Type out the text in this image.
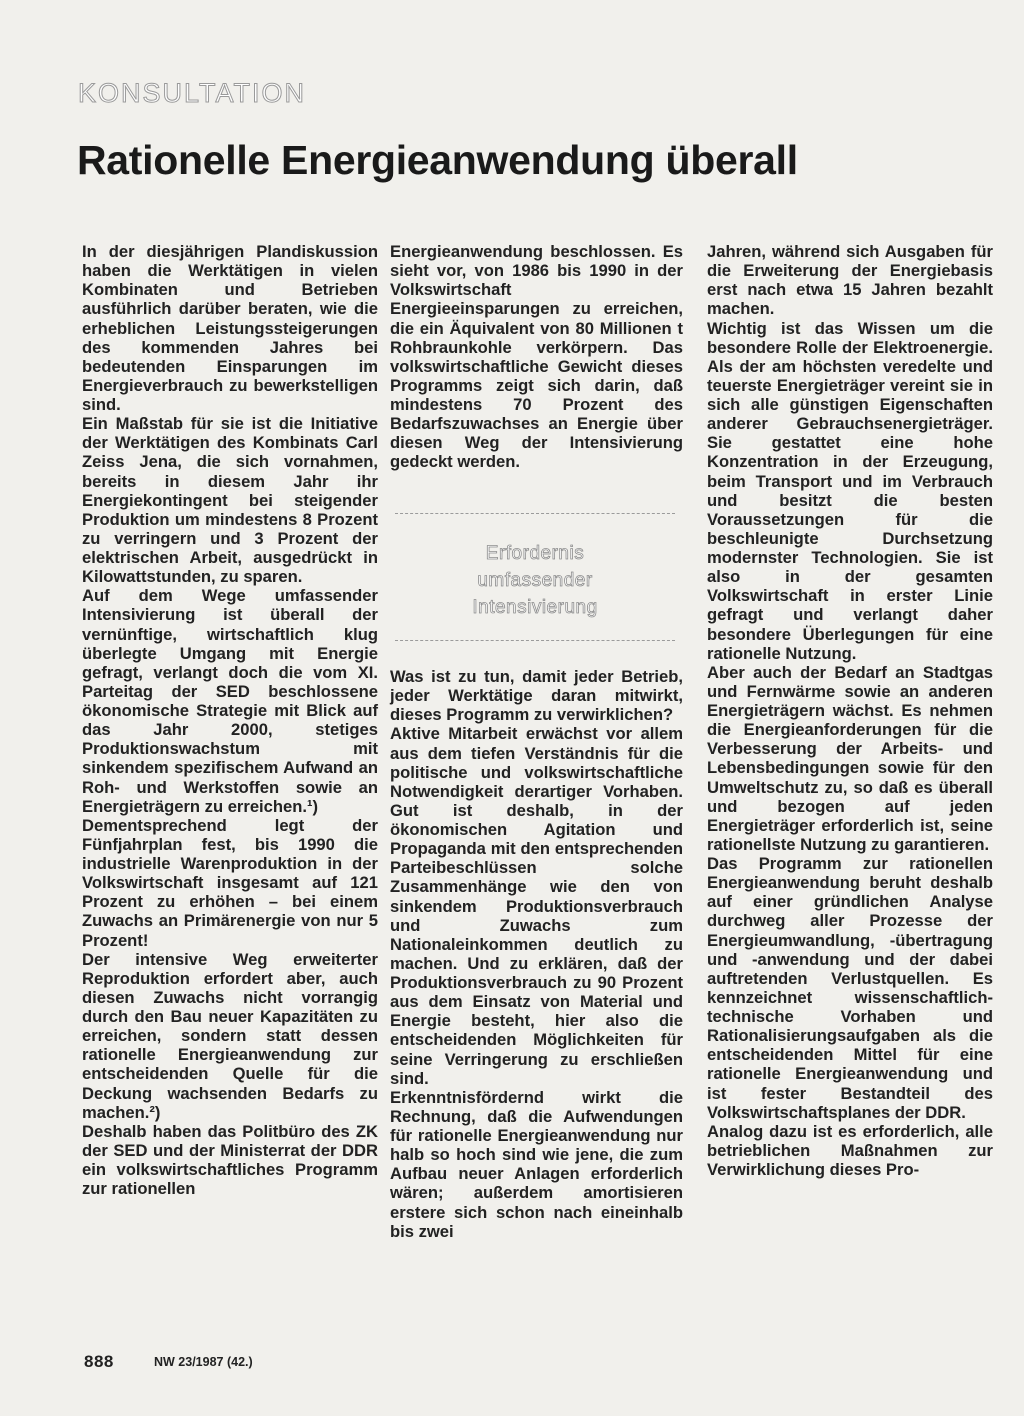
KONSULTATION
Rationelle Energieanwendung überall

In der diesjährigen Plandiskussion haben die Werktätigen in vielen Kombinaten und Betrieben ausführlich darüber beraten, wie die erheblichen Leistungssteigerungen des kommenden Jahres bei bedeutenden Einsparungen im Energieverbrauch zu bewerkstelligen sind.

Ein Maßstab für sie ist die Initiative der Werktätigen des Kombinats Carl Zeiss Jena, die sich vornahmen, bereits in diesem Jahr ihr Energiekontingent bei steigender Produktion um mindestens 8 Prozent zu verringern und 3 Prozent der elektrischen Arbeit, ausgedrückt in Kilowattstunden, zu sparen.

Auf dem Wege umfassender Intensivierung ist überall der vernünftige, wirtschaftlich klug überlegte Umgang mit Energie gefragt, verlangt doch die vom XI. Parteitag der SED beschlossene ökonomische Strategie mit Blick auf das Jahr 2000, stetiges Produktionswachstum mit sinkendem spezifischem Aufwand an Roh- und Werkstoffen sowie an Energieträgern zu erreichen.¹)

Dementsprechend legt der Fünfjahrplan fest, bis 1990 die industrielle Warenproduktion in der Volkswirtschaft insgesamt auf 121 Prozent zu erhöhen – bei einem Zuwachs an Primärenergie von nur 5 Prozent!

Der intensive Weg erweiterter Reproduktion erfordert aber, auch diesen Zuwachs nicht vorrangig durch den Bau neuer Kapazitäten zu erreichen, sondern statt dessen rationelle Energieanwendung zur entscheidenden Quelle für die Deckung wachsenden Bedarfs zu machen.²)

Deshalb haben das Politbüro des ZK der SED und der Ministerrat der DDR ein volkswirtschaftliches Programm zur rationellen

Energieanwendung beschlossen. Es sieht vor, von 1986 bis 1990 in der Volkswirtschaft Energieeinsparungen zu erreichen, die ein Äquivalent von 80 Millionen t Rohbraunkohle verkörpern. Das volkswirtschaftliche Gewicht dieses Programms zeigt sich darin, daß mindestens 70 Prozent des Bedarfszuwachses an Energie über diesen Weg der Intensivierung gedeckt werden.

Was ist zu tun, damit jeder Betrieb, jeder Werktätige daran mitwirkt, dieses Programm zu verwirklichen?

Aktive Mitarbeit erwächst vor allem aus dem tiefen Verständnis für die politische und volkswirtschaftliche Notwendigkeit derartiger Vorhaben. Gut ist deshalb, in der ökonomischen Agitation und Propaganda mit den entsprechenden Parteibeschlüssen solche Zusammenhänge wie den von sinkendem Produktionsverbrauch und Zuwachs zum Nationaleinkommen deutlich zu machen. Und zu erklären, daß der Produktionsverbrauch zu 90 Prozent aus dem Einsatz von Material und Energie besteht, hier also die entscheidenden Möglichkeiten für seine Verringerung zu erschließen sind.

Erkenntnisfördernd wirkt die Rechnung, daß die Aufwendungen für rationelle Energieanwendung nur halb so hoch sind wie jene, die zum Aufbau neuer Anlagen erforderlich wären; außerdem amortisieren erstere sich schon nach eineinhalb bis zwei

Erfordernis
umfassender
Intensivierung

Jahren, während sich Ausgaben für die Erweiterung der Energiebasis erst nach etwa 15 Jahren bezahlt machen.

Wichtig ist das Wissen um die besondere Rolle der Elektroenergie. Als der am höchsten veredelte und teuerste Energieträger vereint sie in sich alle günstigen Eigenschaften anderer Gebrauchsenergieträger. Sie gestattet eine hohe Konzentration in der Erzeugung, beim Transport und im Verbrauch und besitzt die besten Voraussetzungen für die beschleunigte Durchsetzung modernster Technologien. Sie ist also in der gesamten Volkswirtschaft in erster Linie gefragt und verlangt daher besondere Überlegungen für eine rationelle Nutzung.

Aber auch der Bedarf an Stadtgas und Fernwärme sowie an anderen Energieträgern wächst. Es nehmen die Energieanforderungen für die Verbesserung der Arbeits- und Lebensbedingungen sowie für den Umweltschutz zu, so daß es überall und bezogen auf jeden Energieträger erforderlich ist, seine rationellste Nutzung zu garantieren.

Das Programm zur rationellen Energieanwendung beruht deshalb auf einer gründlichen Analyse durchweg aller Prozesse der Energieumwandlung, -übertragung und -anwendung und der dabei auftretenden Verlustquellen. Es kennzeichnet wissenschaftlich-technische Vorhaben und Rationalisierungsaufgaben als die entscheidenden Mittel für eine rationelle Energieanwendung und ist fester Bestandteil des Volkswirtschaftsplanes der DDR.

Analog dazu ist es erforderlich, alle betrieblichen Maßnahmen zur Verwirklichung dieses Pro-

888	NW 23/1987 (42.)
